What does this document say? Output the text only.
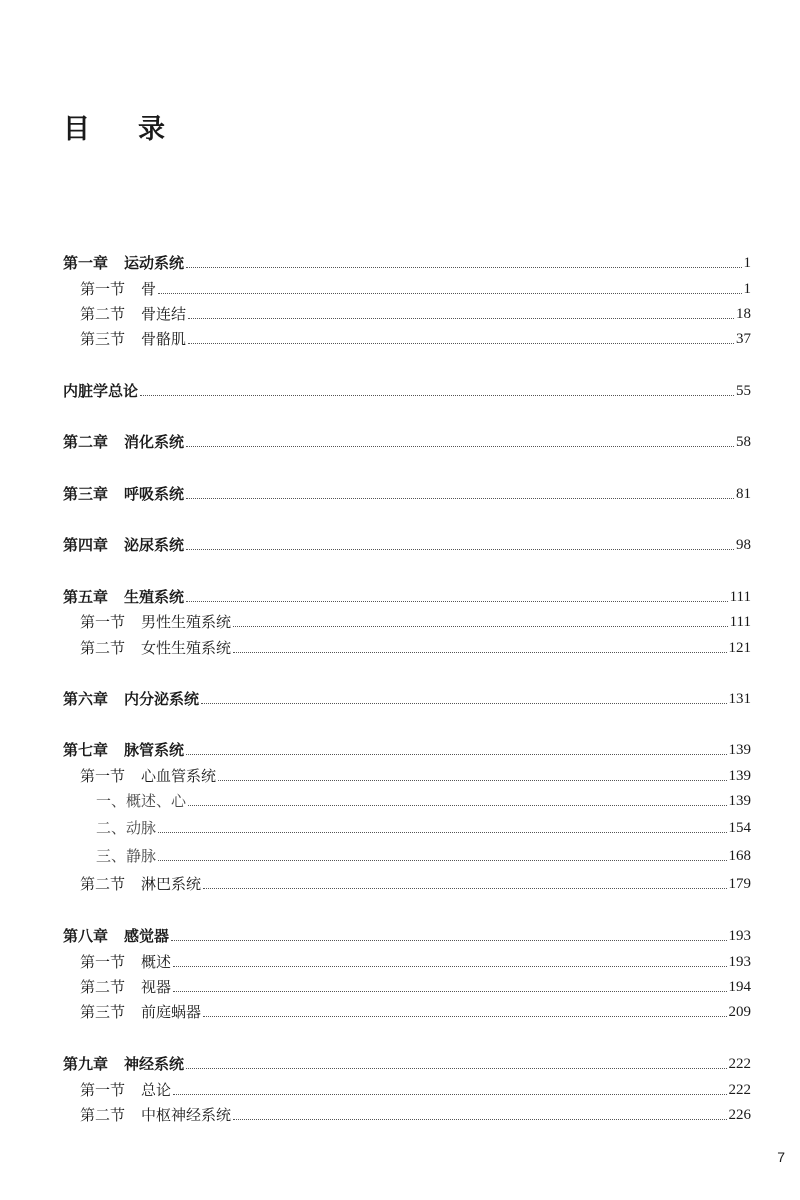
目录
第一章 运动系统	1
第一节 骨	1
第二节 骨连结	18
第三节 骨骼肌	37
内脏学总论	55
第二章 消化系统	58
第三章 呼吸系统	81
第四章 泌尿系统	98
第五章 生殖系统	111
第一节 男性生殖系统	111
第二节 女性生殖系统	121
第六章 内分泌系统	131
第七章 脉管系统	139
第一节 心血管系统	139
一、概述、心	139
二、动脉	154
三、静脉	168
第二节 淋巴系统	179
第八章 感觉器	193
第一节 概述	193
第二节 视器	194
第三节 前庭蜗器	209
第九章 神经系统	222
第一节 总论	222
第二节 中枢神经系统	226
7
